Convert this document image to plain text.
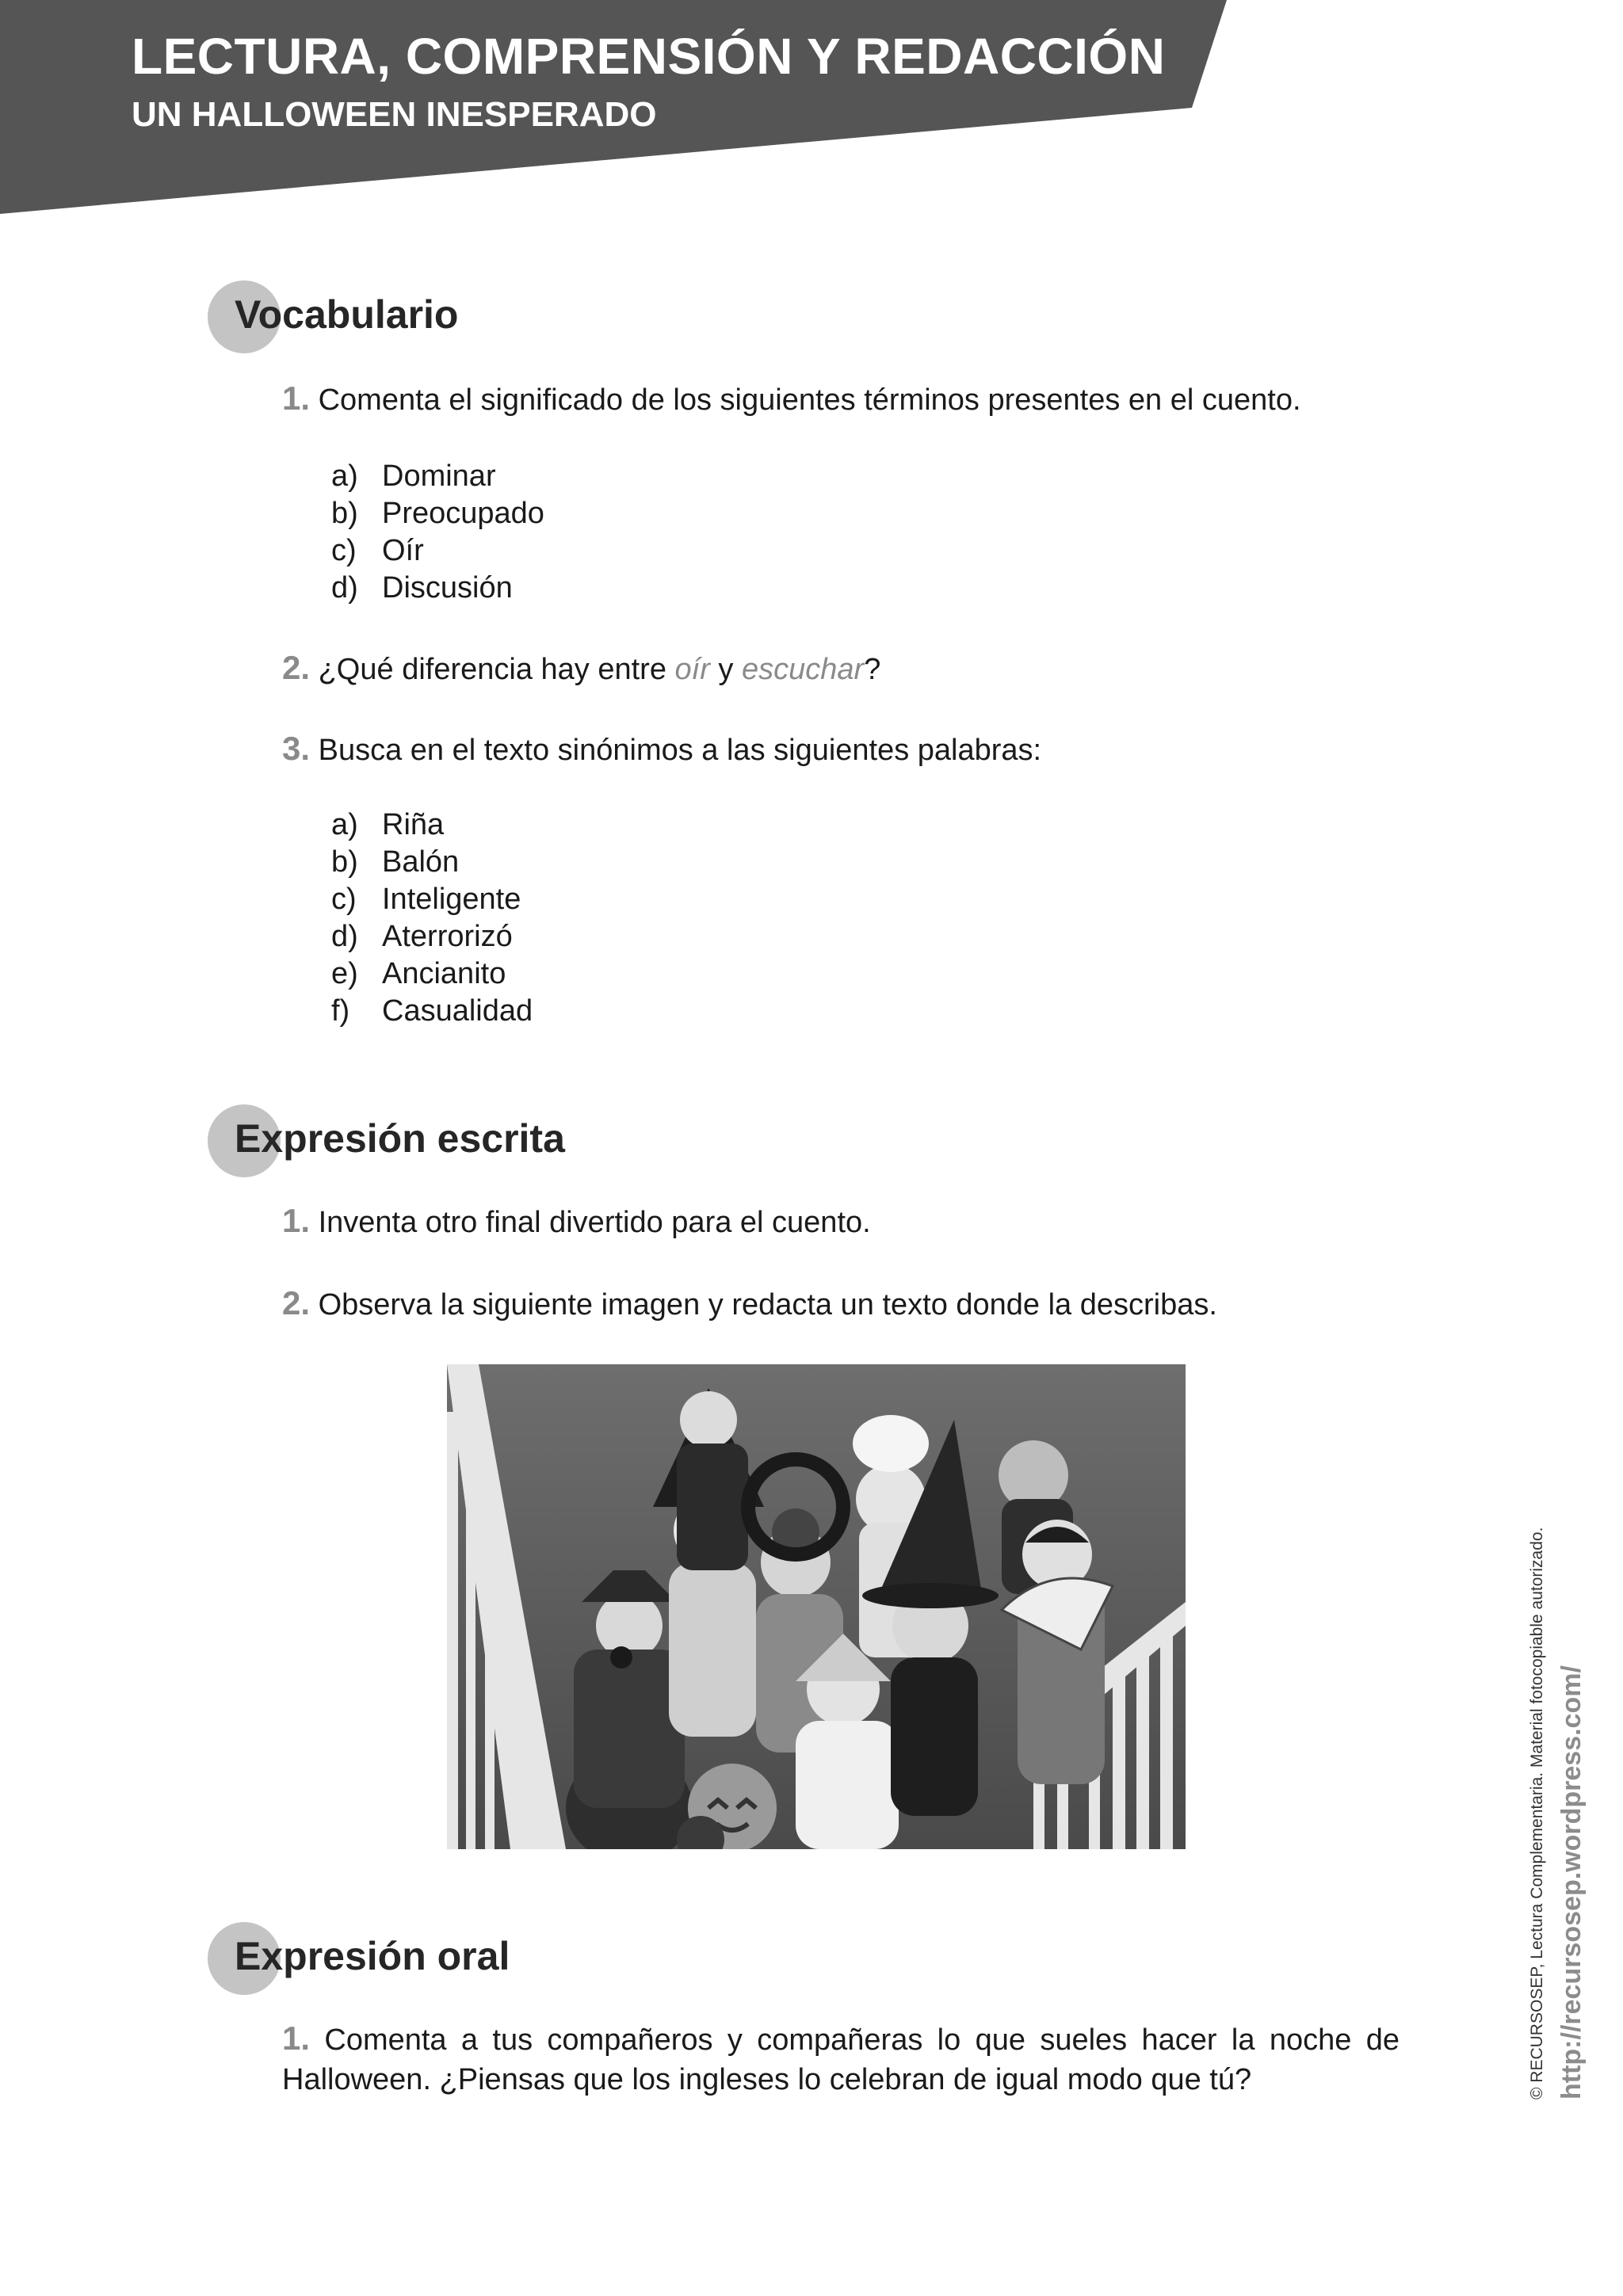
LECTURA, COMPRENSIÓN Y REDACCIÓN

UN HALLOWEEN INESPERADO

Vocabulario

1. Comenta el significado de los siguientes términos presentes en el cuento.

a) Dominar
b) Preocupado
c) Oír
d) Discusión

2. ¿Qué diferencia hay entre oír y escuchar?

3. Busca en el texto sinónimos a las siguientes palabras:

a) Riña
b) Balón
c) Inteligente
d) Aterrorizó
e) Ancianito
f) Casualidad
Expresión escrita

1. Inventa otro final divertido para el cuento.

2. Observa la siguiente imagen y redacta un texto donde la describas.

Expresión oral

1. Comenta a tus compañeros y compañeras lo que sueles hacer la noche de Halloween. ¿Piensas que los ingleses lo celebran de igual modo que tú?	© RECURSOSEP, Lectura Complementaria. Material fotocopiable autorizado. http://recursosep.wordpress.com/
